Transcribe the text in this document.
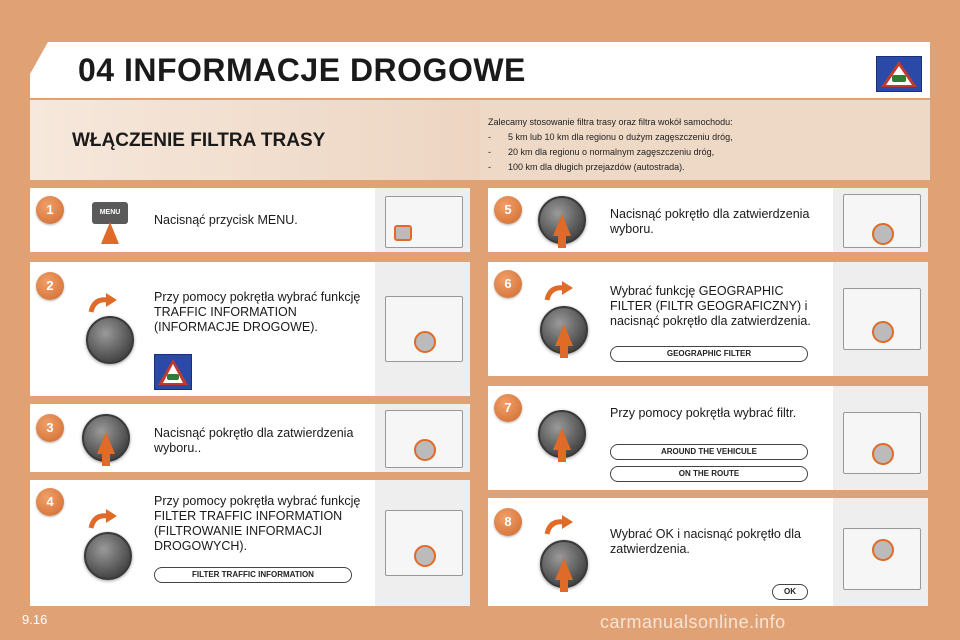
04 INFORMACJE DROGOWE
WŁĄCZENIE FILTRA TRASY
Zalecamy stosowanie filtra trasy oraz filtra wokół samochodu:
- 5 km lub 10 km dla regionu o dużym zagęszczeniu dróg,
- 20 km dla regionu o normalnym zagęszczeniu dróg,
- 100 km dla długich przejazdów (autostrada).
1	MENU
Nacisnąć przycisk MENU.
2
Przy pomocy pokrętła wybrać funkcję TRAFFIC INFORMATION (INFORMACJE DROGOWE).
3	Nacisnąć pokrętło dla zatwierdzenia wyboru..
4	Przy pomocy pokrętła wybrać funkcję FILTER TRAFFIC INFORMATION (FILTROWANIE INFORMACJI DROGOWYCH).
FILTER TRAFFIC INFORMATION
5	Nacisnąć pokrętło dla zatwierdzenia wyboru.
6	Wybrać funkcję GEOGRAPHIC FILTER (FILTR GEOGRAFICZNY) i nacisnąć pokrętło dla zatwierdzenia.
GEOGRAPHIC FILTER
7	Przy pomocy pokrętła wybrać filtr.
AROUND THE VEHICULE
ON THE ROUTE
8
Wybrać OK i nacisnąć pokrętło dla zatwierdzenia.
OK
9.16	carmanualsonline.info
